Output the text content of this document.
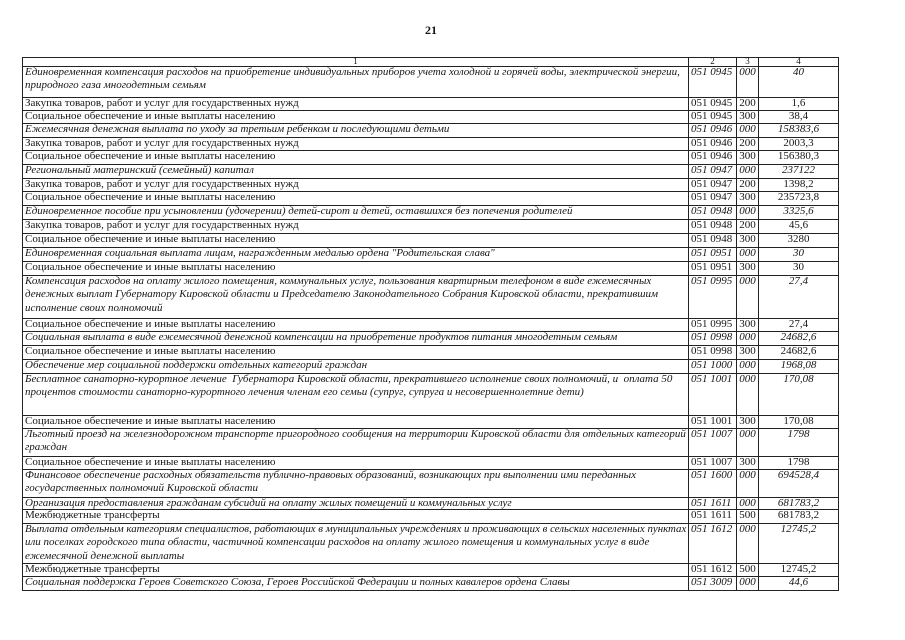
21
1	2	3	4
Единовременная компенсация расходов на приобретение индивидуальных приборов учета холодной и горячей воды, электрической энергии,
природного газа многодетным семьям
051 0945 000	40
Закупка товаров, работ и услуг для государственных нужд	051 0945 200	1,6
Социальное обеспечение и иные выплаты населению	051 0945 300	38,4
Ежемесячная денежная выплата по уходу за третьим ребенком и последующими детьми	051 0946 000	158383,6
Закупка товаров, работ и услуг для государственных нужд	051 0946 200	2003,3
Социальное обеспечение и иные выплаты населению	051 0946 300	156380,3
Региональный материнский (семейный) капитал	051 0947 000	237122
Закупка товаров, работ и услуг для государственных нужд	051 0947 200	1398,2
Социальное обеспечение и иные выплаты населению	051 0947 300	235723,8
Единовременное пособие при усыновлении (удочерении) детей-сирот и детей, оставшихся без попечения родителей	051 0948 000	3325,6
Закупка товаров, работ и услуг для государственных нужд	051 0948 200	45,6
Социальное обеспечение и иные выплаты населению	051 0948 300	3280
Единовременная социальная выплата лицам, награжденным медалью ордена "Родительская слава"	051 0951 000	30
Социальное обеспечение и иные выплаты населению	051 0951 300	30
Компенсация расходов на оплату жилого помещения, коммунальных услуг, пользования квартирным телефоном в виде ежемесячных
денежных выплат Губернатору Кировской области и Председателю Законодательного Собрания Кировской области, прекратившим
исполнение своих полномочий
051 0995 000	27,4
Социальное обеспечение и иные выплаты населению	051 0995 300	27,4
Социальная выплата в виде ежемесячной денежной компенсации на приобретение продуктов питания многодетным семьям	051 0998 000	24682,6
Социальное обеспечение и иные выплаты населению	051 0998 300	24682,6
Обеспечение мер социальной поддержки отдельных категорий граждан	051 1000 000	1968,08
Бесплатное санаторно-курортное лечение  Губернатора Кировской области, прекратившего исполнение своих полномочий, и  оплата 50
процентов стоимости санаторно-курортного лечения членам его семьи (супруг, супруга и несовершеннолетние дети)
051 1001 000	170,08
Социальное обеспечение и иные выплаты населению	051 1001 300	170,08
Льготный проезд на железнодорожном транспорте пригородного сообщения на территории Кировской области для отдельных категорий
граждан
051 1007 000	1798
Социальное обеспечение и иные выплаты населению	051 1007 300	1798
Финансовое обеспечение расходных обязательств публично-правовых образований, возникающих при выполнении ими переданных
государственных полномочий Кировской области
051 1600 000	694528,4
Организация предоставления гражданам субсидий на оплату жилых помещений и коммунальных услуг	051 1611 000	681783,2
Межбюджетные трансферты	051 1611 500	681783,2
Выплата отдельным категориям специалистов, работающих в муниципальных учреждениях и проживающих в сельских населенных пунктах
или поселках городского типа области, частичной компенсации расходов на оплату жилого помещения и коммунальных услуг в виде
ежемесячной денежной выплаты
051 1612 000	12745,2
Межбюджетные трансферты	051 1612 500	12745,2
Социальная поддержка Героев Советского Союза, Героев Российской Федерации и полных кавалеров ордена Славы	051 3009 000	44,6
